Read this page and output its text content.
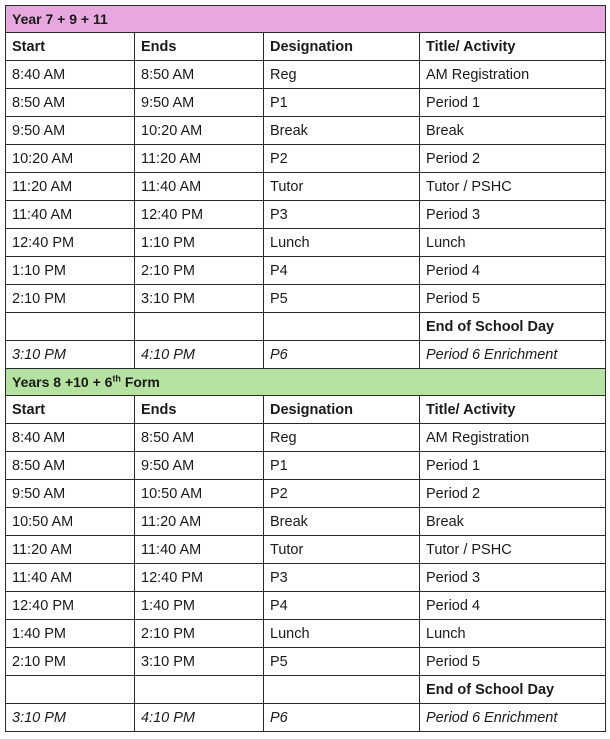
Year 7 + 9 + 11			
Start	Ends	Designation	Title/ Activity
8:40 AM	8:50 AM	Reg	AM Registration
8:50 AM	9:50 AM	P1	Period 1
9:50 AM	10:20 AM	Break	Break
10:20 AM	11:20 AM	P2	Period 2
11:20 AM	11:40 AM	Tutor	Tutor / PSHC
11:40 AM	12:40 PM	P3	Period 3
12:40 PM	1:10 PM	Lunch	Lunch
1:10 PM	2:10 PM	P4	Period 4
2:10 PM	3:10 PM	P5	Period 5
			End of School Day
3:10 PM	4:10 PM	P6	Period 6 Enrichment
Years 8 +10 + 6th Form			
Start	Ends	Designation	Title/ Activity
8:40 AM	8:50 AM	Reg	AM Registration
8:50 AM	9:50 AM	P1	Period 1
9:50 AM	10:50 AM	P2	Period 2
10:50 AM	11:20 AM	Break	Break
11:20 AM	11:40 AM	Tutor	Tutor / PSHC
11:40 AM	12:40 PM	P3	Period 3
12:40 PM	1:40 PM	P4	Period 4
1:40 PM	2:10 PM	Lunch	Lunch
2:10 PM	3:10 PM	P5	Period 5
			End of School Day
3:10 PM	4:10 PM	P6	Period 6 Enrichment
